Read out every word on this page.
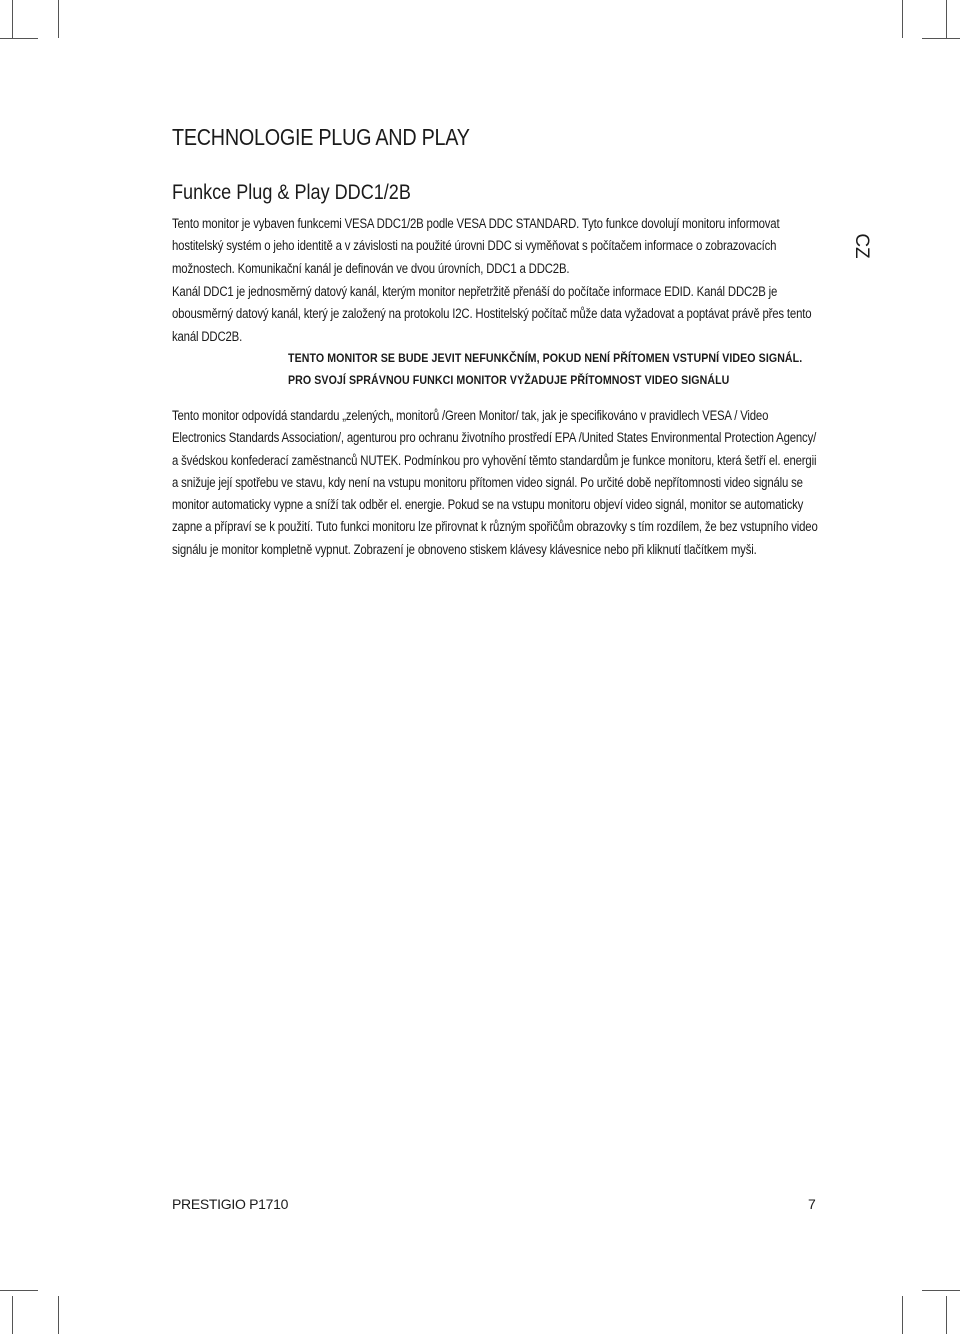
TECHNOLOGIE PLUG AND PLAY
Funkce Plug & Play DDC1/2B

Tento monitor je vybaven funkcemi VESA DDC1/2B podle VESA DDC STANDARD. Tyto funkce dovolují monitoru informovat hostitelský systém o jeho identitě a v závislosti na použité úrovni DDC si vyměňovat s počítačem informace o zobrazovacích možnostech. Komunikační kanál je definován ve dvou úrovních, DDC1 a DDC2B.

Kanál DDC1 je jednosměrný datový kanál, kterým monitor nepřetržitě přenáší do počítače informace EDID. Kanál DDC2B je obousměrný datový kanál, který je založený na protokolu I2C. Hostitelský počítač může data vyžadovat a poptávat právě přes tento kanál DDC2B.

TENTO MONITOR SE BUDE JEVIT NEFUNKČNÍM, POKUD NENÍ PŘÍTOMEN VSTUPNÍ VIDEO SIGNÁL. PRO SVOJÍ SPRÁVNOU FUNKCI MONITOR VYŽADUJE PŘÍTOMNOST VIDEO SIGNÁLU

Tento monitor odpovídá standardu „zelených„ monitorů /Green Monitor/ tak, jak je specifikováno v pravidlech VESA / Video Electronics Standards Association/, agenturou pro ochranu životního prostředí EPA /United States Environmental Protection Agency/ a švédskou konfederací zaměstnanců NUTEK. Podmínkou pro vyhovění těmto standardům je funkce monitoru, která šetří el. energii a snižuje její spotřebu ve stavu, kdy není na vstupu monitoru přítomen video signál. Po určité době nepřítomnosti video signálu se monitor automaticky vypne a sníží tak odběr el. energie. Pokud se na vstupu monitoru objeví video signál, monitor se automaticky zapne a přípraví se k použití. Tuto funkci monitoru lze přirovnat k různým spořičům obrazovky s tím rozdílem, že bez vstupního video signálu je monitor kompletně vypnut. Zobrazení je obnoveno stiskem klávesy klávesnice nebo při kliknutí tlačítkem myši.

CZ

PRESTIGIO P1710	7
